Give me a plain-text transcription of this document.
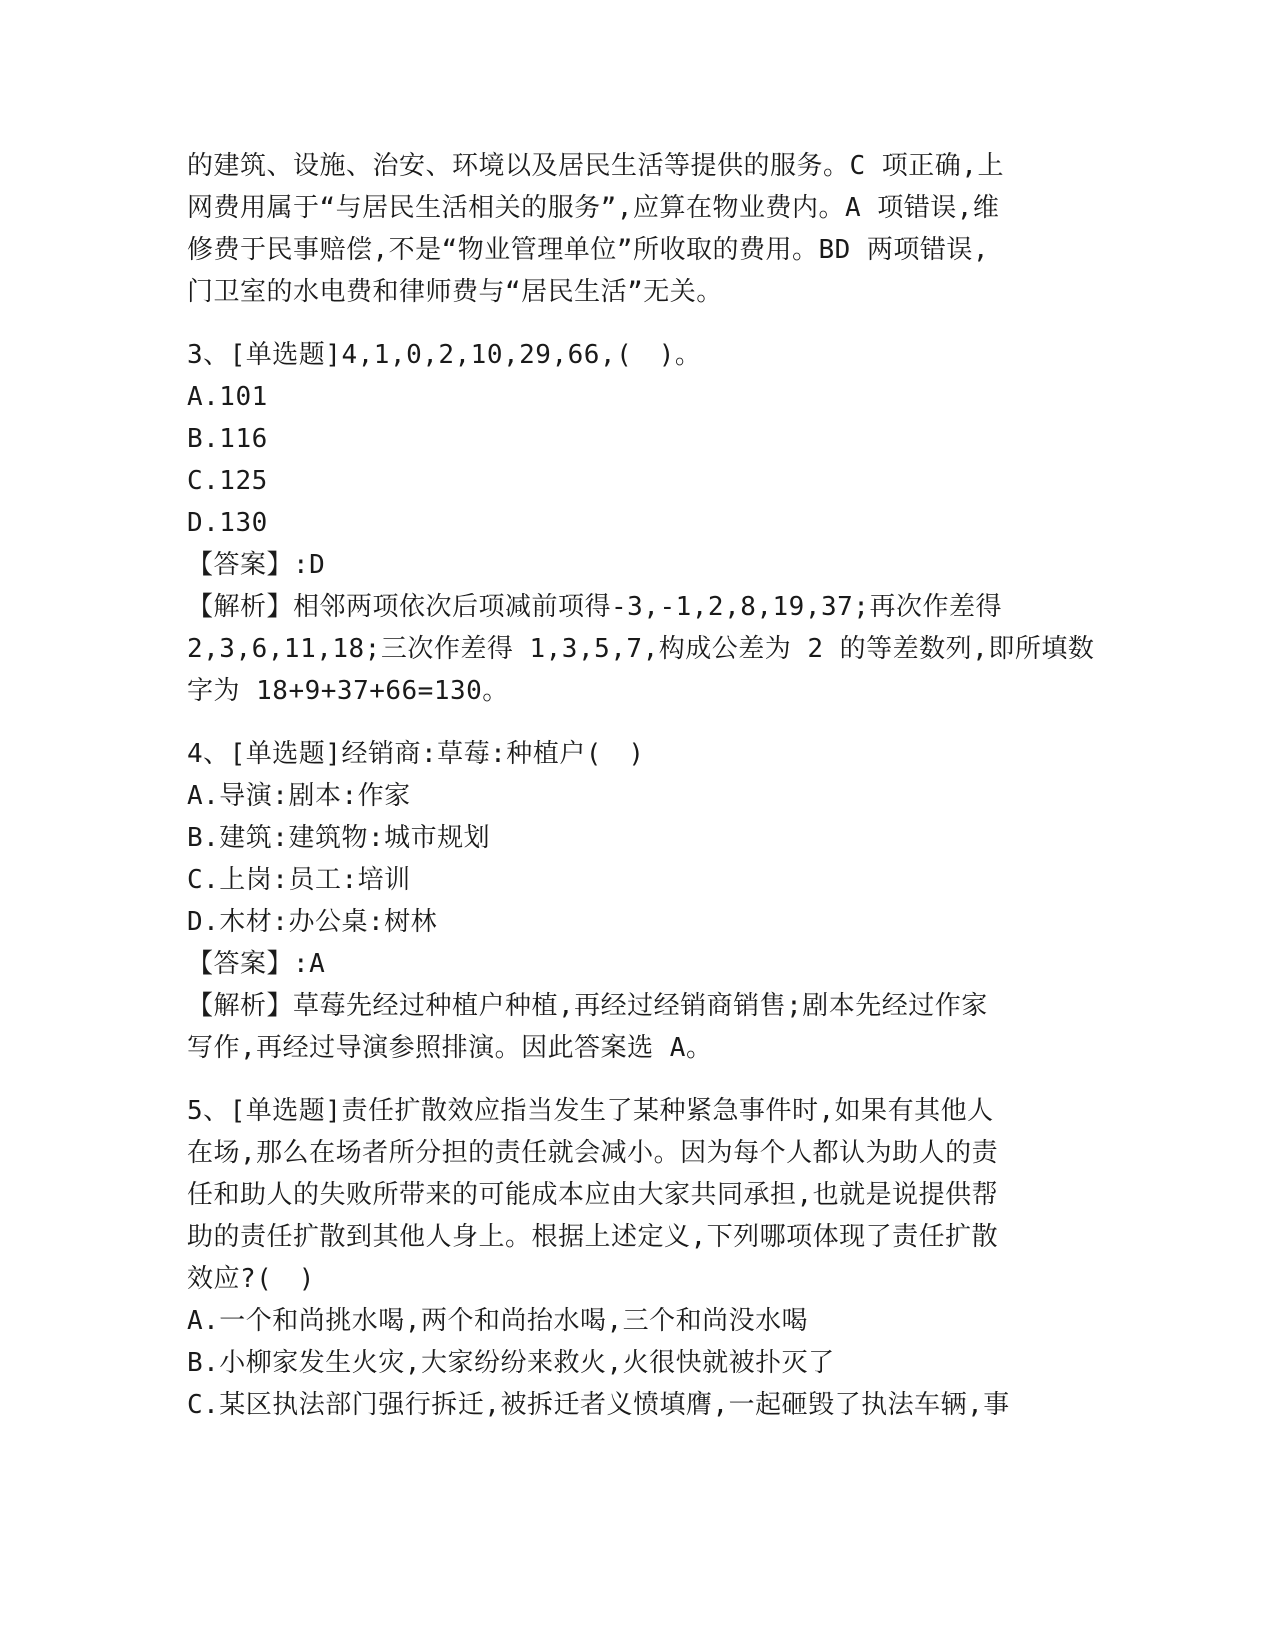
的建筑、设施、治安、环境以及居民生活等提供的服务。C 项正确,上

网费用属于“与居民生活相关的服务”,应算在物业费内。A 项错误,维

修费于民事赔偿,不是“物业管理单位”所收取的费用。BD 两项错误,

门卫室的水电费和律师费与“居民生活”无关。

3、[单选题]4,1,0,2,10,29,66,(　)。

A.101

B.116

C.125

D.130

【答案】:D

【解析】相邻两项依次后项减前项得-3,-1,2,8,19,37;再次作差得

2,3,6,11,18;三次作差得 1,3,5,7,构成公差为 2 的等差数列,即所填数

字为 18+9+37+66=130。

4、[单选题]经销商:草莓:种植户(　)

A.导演:剧本:作家

B.建筑:建筑物:城市规划

C.上岗:员工:培训

D.木材:办公桌:树林

【答案】:A

【解析】草莓先经过种植户种植,再经过经销商销售;剧本先经过作家

写作,再经过导演参照排演。因此答案选 A。

5、[单选题]责任扩散效应指当发生了某种紧急事件时,如果有其他人

在场,那么在场者所分担的责任就会减小。因为每个人都认为助人的责

任和助人的失败所带来的可能成本应由大家共同承担,也就是说提供帮

助的责任扩散到其他人身上。根据上述定义,下列哪项体现了责任扩散

效应?(　)

A.一个和尚挑水喝,两个和尚抬水喝,三个和尚没水喝

B.小柳家发生火灾,大家纷纷来救火,火很快就被扑灭了

C.某区执法部门强行拆迁,被拆迁者义愤填膺,一起砸毁了执法车辆,事
